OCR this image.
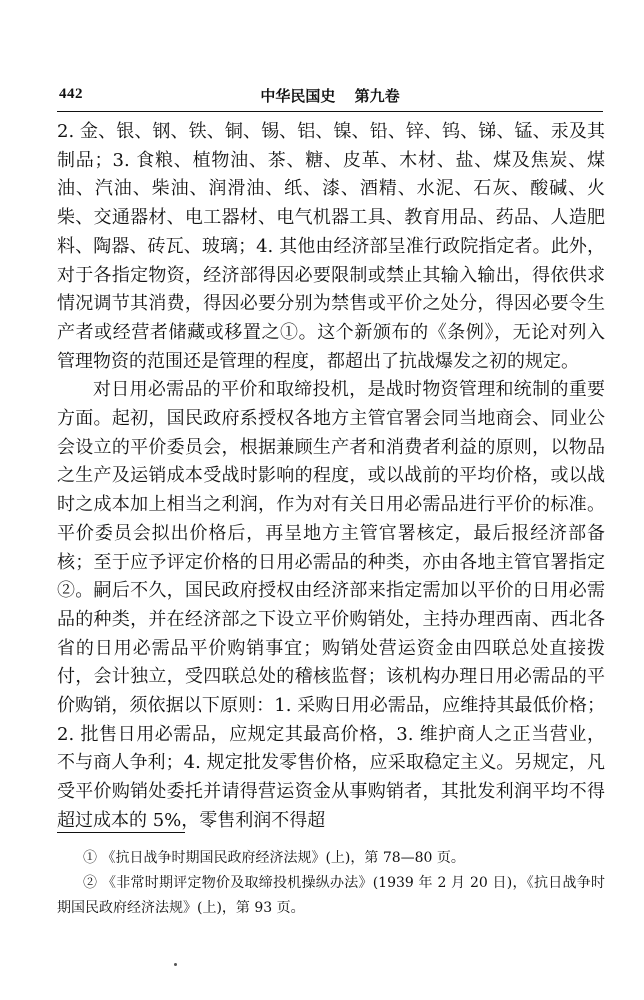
442	中华民国史 第九卷

2. 金、银、钢、铁、铜、锡、铝、镍、铅、锌、钨、锑、锰、汞及其制品；3. 食粮、植物油、茶、糖、皮革、木材、盐、煤及焦炭、煤油、汽油、柴油、润滑油、纸、漆、酒精、水泥、石灰、酸碱、火柴、交通器材、电工器材、电气机器工具、教育用品、药品、人造肥料、陶器、砖瓦、玻璃；4. 其他由经济部呈准行政院指定者。此外，对于各指定物资，经济部得因必要限制或禁止其输入输出，得依供求情况调节其消费，得因必要分别为禁售或平价之处分，得因必要令生产者或经营者储藏或移置之①。这个新颁布的《条例》，无论对列入管理物资的范围还是管理的程度，都超出了抗战爆发之初的规定。

对日用必需品的平价和取缔投机，是战时物资管理和统制的重要方面。起初，国民政府系授权各地方主管官署会同当地商会、同业公会设立的平价委员会，根据兼顾生产者和消费者利益的原则，以物品之生产及运销成本受战时影响的程度，或以战前的平均价格，或以战时之成本加上相当之利润，作为对有关日用必需品进行平价的标准。平价委员会拟出价格后，再呈地方主管官署核定，最后报经济部备核；至于应予评定价格的日用必需品的种类，亦由各地主管官署指定②。嗣后不久，国民政府授权由经济部来指定需加以平价的日用必需品的种类，并在经济部之下设立平价购销处，主持办理西南、西北各省的日用必需品平价购销事宜；购销处营运资金由四联总处直接拨付，会计独立，受四联总处的稽核监督；该机构办理日用必需品的平价购销，须依据以下原则：1. 采购日用必需品，应维持其最低价格；2. 批售日用必需品，应规定其最高价格，3. 维护商人之正当营业，不与商人争利；4. 规定批发零售价格，应采取稳定主义。另规定，凡受平价购销处委托并请得营运资金从事购销者，其批发利润平均不得超过成本的 5%，零售利润不得超

① 《抗日战争时期国民政府经济法规》(上)，第 78—80 页。

② 《非常时期评定物价及取缔投机操纵办法》(1939 年 2 月 20 日)，《抗日战争时期国民政府经济法规》(上)，第 93 页。
